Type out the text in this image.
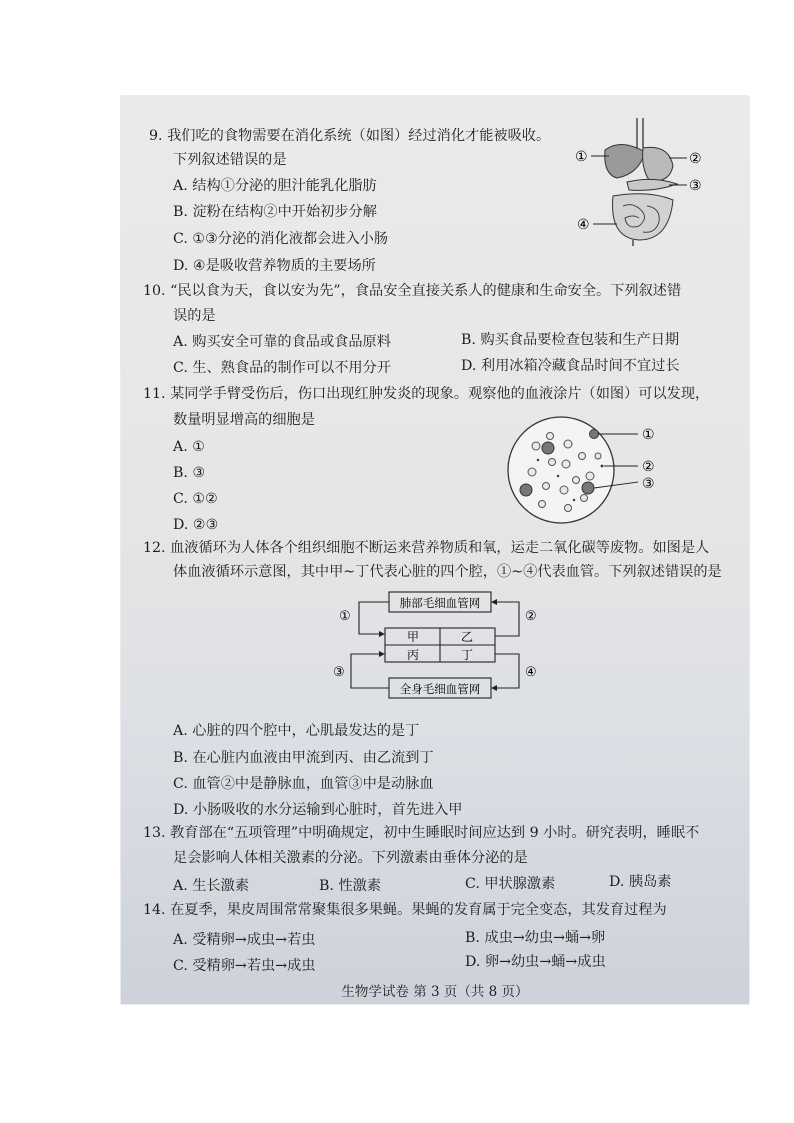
9. 我们吃的食物需要在消化系统（如图）经过消化才能被吸收。
下列叙述错误的是
A. 结构①分泌的胆汁能乳化脂肪
B. 淀粉在结构②中开始初步分解
C. ①③分泌的消化液都会进入小肠
D. ④是吸收营养物质的主要场所
①	②
③
④
10. “民以食为天，食以安为先”，食品安全直接关系人的健康和生命安全。下列叙述错
误的是
A. 购买安全可靠的食品或食品原料	B. 购买食品要检查包装和生产日期
C. 生、熟食品的制作可以不用分开	D. 利用冰箱冷藏食品时间不宜过长
11. 某同学手臂受伤后，伤口出现红肿发炎的现象。观察他的血液涂片（如图）可以发现，
数量明显增高的细胞是
A. ①
B. ③
C. ①②
D. ②③
①
②
③
12. 血液循环为人体各个组织细胞不断运来营养物质和氧，运走二氧化碳等废物。如图是人
体血液循环示意图，其中甲~丁代表心脏的四个腔，①~④代表血管。下列叙述错误的是
肺部毛细血管网
全身毛细血管网
甲	乙
丙	丁
①	②
③	④
A. 心脏的四个腔中，心肌最发达的是丁
B. 在心脏内血液由甲流到丙、由乙流到丁
C. 血管②中是静脉血，血管③中是动脉血
D. 小肠吸收的水分运输到心脏时，首先进入甲
13. 教育部在“五项管理”中明确规定，初中生睡眠时间应达到 9 小时。研究表明，睡眠不
足会影响人体相关激素的分泌。下列激素由垂体分泌的是
A. 生长激素	B. 性激素	C. 甲状腺激素	D. 胰岛素
14. 在夏季，果皮周围常常聚集很多果蝇。果蝇的发育属于完全变态，其发育过程为
A. 受精卵→成虫→若虫	B. 成虫→幼虫→蛹→卵
C. 受精卵→若虫→成虫	D. 卵→幼虫→蛹→成虫
生物学试卷 第 3 页（共 8 页）
